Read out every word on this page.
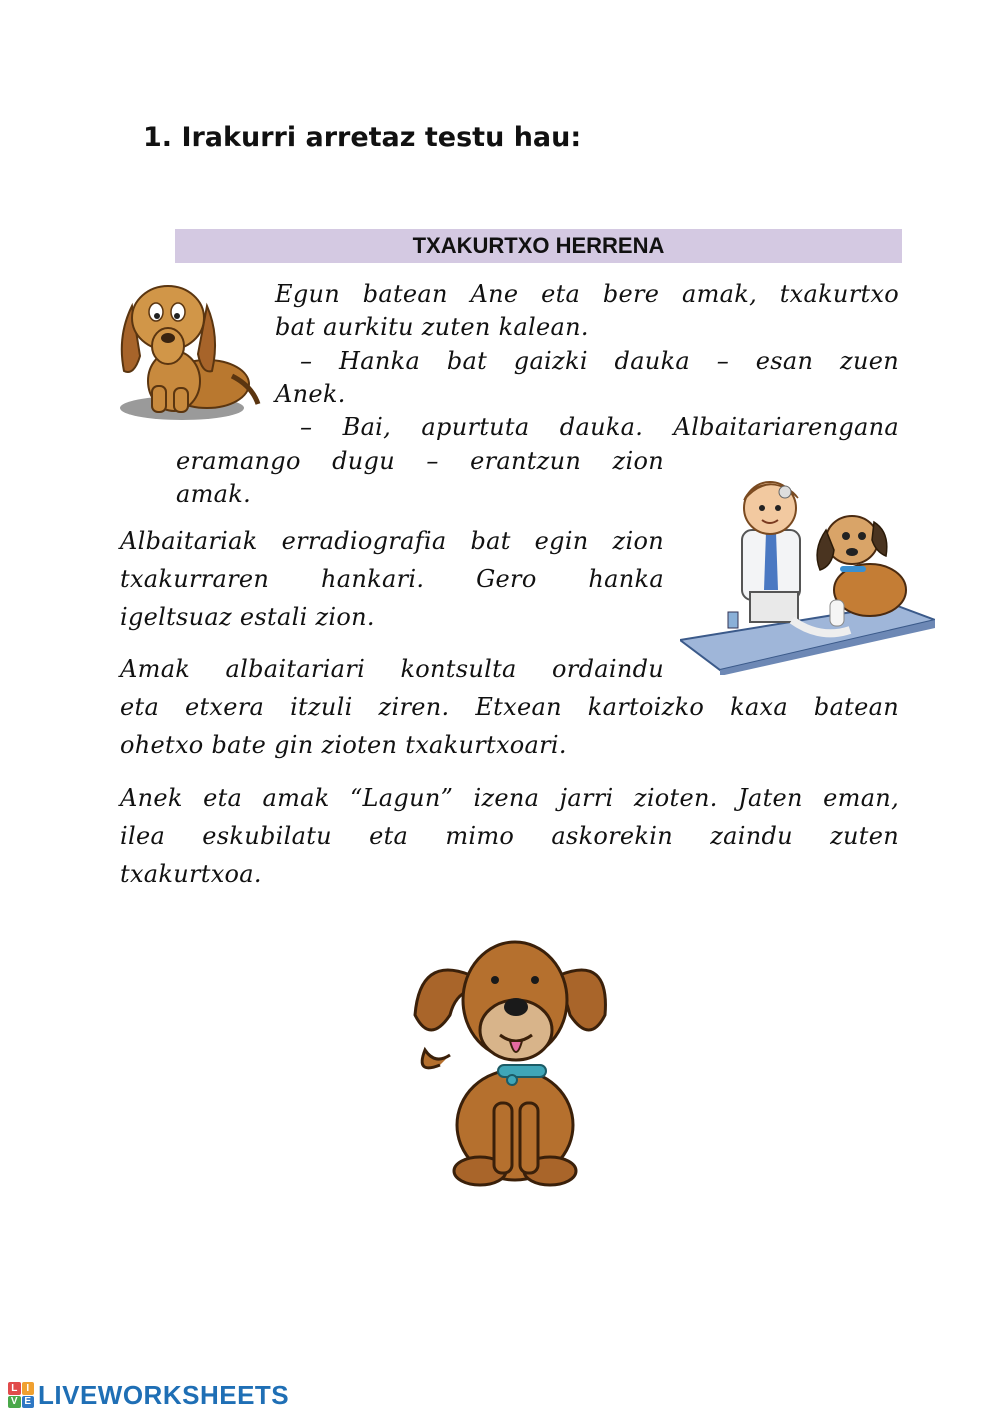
1. Irakurri arretaz testu hau:
TXAKURTXO HERRENA
Egun batean Ane eta bere amak, txakurtxo
bat aurkitu zuten kalean.
– Hanka bat gaizki dauka – esan zuen
Anek.
– Bai, apurtuta dauka. Albaitariarengana
eramango dugu – erantzun zion
amak.
Albaitariak erradiografia bat egin zion
txakurraren hankari. Gero hanka
igeltsuaz estali zion.
Amak albaitariari kontsulta ordaindu
eta etxera itzuli ziren. Etxean kartoizko kaxa batean
ohetxo bate gin zioten txakurtxoari.
Anek eta amak “Lagun” izena jarri zioten. Jaten eman,
ilea eskubilatu eta mimo askorekin zaindu zuten
txakurtxoa.
L I
V E LIVEWORKSHEETS
